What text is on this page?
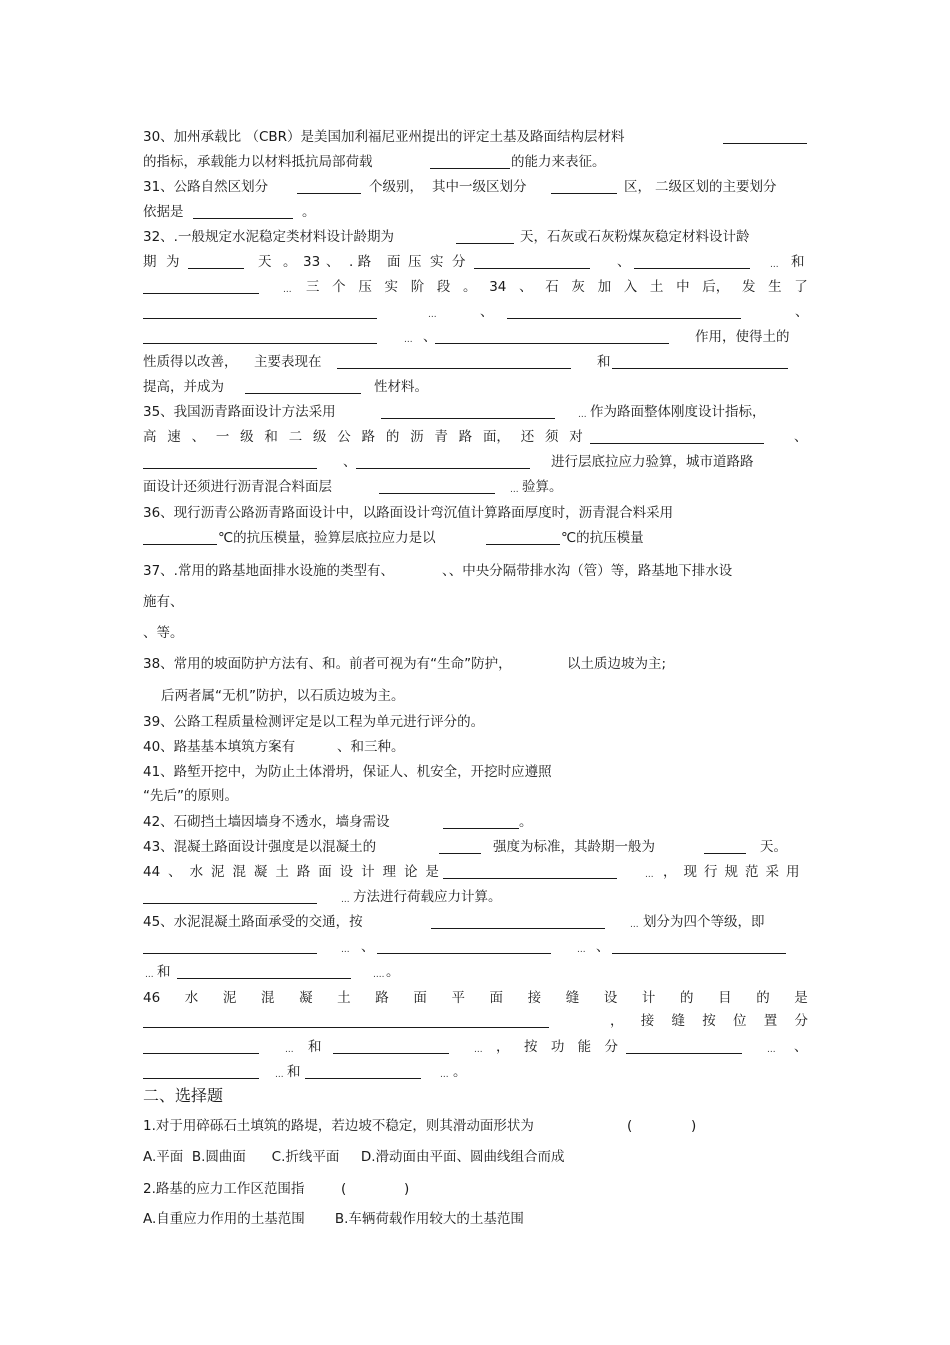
30、加州承载比 （CBR）是美国加利福尼亚州提出的评定土基及路面结构层材料
的指标，承载能力以材料抵抗局部荷载	的能力来表征。
31、公路自然区划分	个级别， 其中一级区划分	区， 二级区划的主要划分
依据是	。
32、.一般规定水泥稳定类材料设计龄期为	天，石灰或石灰粉煤灰稳定材料设计龄
期 为	天 。 33 、 . 路 面 压 实 分	、	... 和
... 三 个 压 实 阶 段 。 34 、 石 灰 加 入 土 中 后， 发 生 了
...	、	、
... 、	作用，使得土的
性质得以改善， 主要表现在	和
提高，并成为	性材料。
35、我国沥青路面设计方法采用	... 作为路面整体刚度设计指标，
高 速 、 一 级 和 二 级 公 路 的 沥 青 路 面， 还 须 对	、
、	进行层底拉应力验算，城市道路路
面设计还须进行沥青混合料面层	... 验算。
36、现行沥青公路沥青路面设计中，以路面设计弯沉值计算路面厚度时，沥青混合料采用
℃的抗压模量，验算层底拉应力是以	℃的抗压模量
37、.常用的路基地面排水设施的类型有、	、、中央分隔带排水沟（管）等，路基地下排水设
施有、
、等。
38、常用的坡面防护方法有、和。前者可视为有“生命”防护，	以土质边坡为主;
后两者属“无机”防护，以石质边坡为主。
39、公路工程质量检测评定是以工程为单元进行评分的。
40、路基基本填筑方案有	、和三种。
41、路堑开挖中，为防止土体滑坍，保证人、机安全，开挖时应遵照
“先后”的原则。
42、石砌挡土墙因墙身不透水，墙身需设	。
43、混凝土路面设计强度是以混凝土的	强度为标准，其龄期一般为	天。
44 、 水 泥 混 凝 土 路 面 设 计 理 论 是	... ，现行规范采用
... 方法进行荷载应力计算。
45、水泥混凝土路面承受的交通，按	... 划分为四个等级，即
... 、	... 、
... 和	.... 。
46 水 泥 混 凝 土 路 面 平 面 接 缝 设 计 的 目 的 是
， 接 缝 按 位 置 分
... 和	... ， 按 功 能 分	... 、
... 和	... 。
二、选择题
1.对于用碎砾石土填筑的路堤，若边坡不稳定，则其滑动面形状为	(	)
A.平面  B.圆曲面      C.折线平面     D.滑动面由平面、圆曲线组合而成
2.路基的应力工作区范围指	(	)
A.自重应力作用的土基范围       B.车辆荷载作用较大的土基范围
